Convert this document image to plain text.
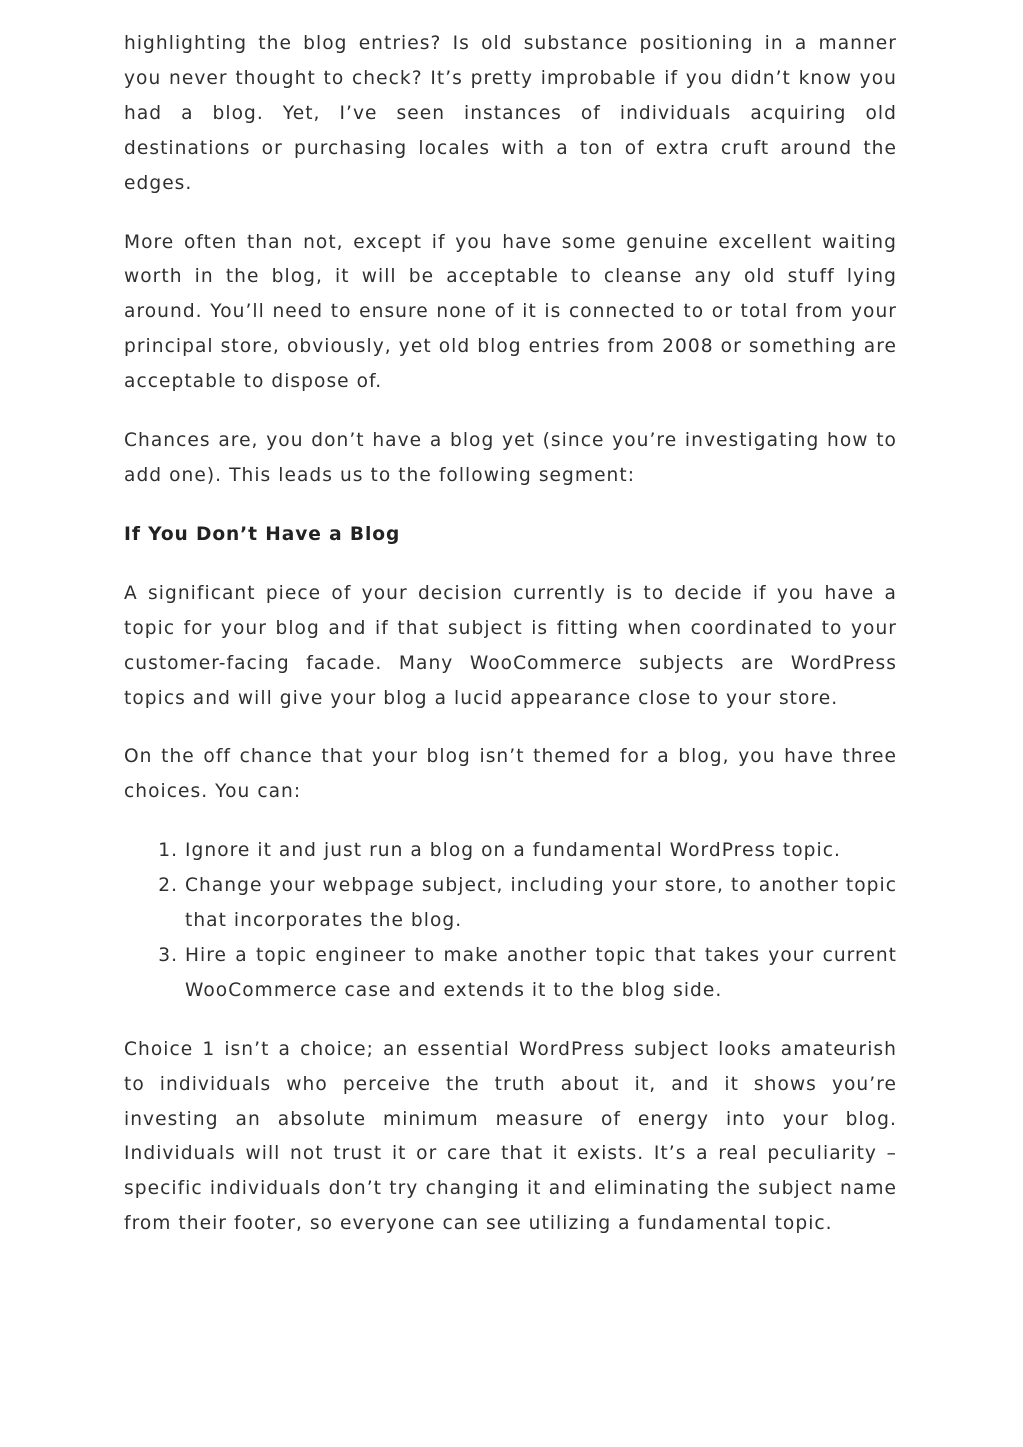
highlighting the blog entries? Is old substance positioning in a manner you never thought to check? It’s pretty improbable if you didn’t know you had a blog. Yet, I’ve seen instances of individuals acquiring old destinations or purchasing locales with a ton of extra cruft around the edges.

More often than not, except if you have some genuine excellent waiting worth in the blog, it will be acceptable to cleanse any old stuff lying around. You’ll need to ensure none of it is connected to or total from your principal store, obviously, yet old blog entries from 2008 or something are acceptable to dispose of.

Chances are, you don’t have a blog yet (since you’re investigating how to add one). This leads us to the following segment:

If You Don’t Have a Blog

A significant piece of your decision currently is to decide if you have a topic for your blog and if that subject is fitting when coordinated to your customer-facing facade. Many WooCommerce subjects are WordPress topics and will give your blog a lucid appearance close to your store.

On the off chance that your blog isn’t themed for a blog, you have three choices. You can:

1. Ignore it and just run a blog on a fundamental WordPress topic.
2. Change your webpage subject, including your store, to another topic that incorporates the blog.
3. Hire a topic engineer to make another topic that takes your current WooCommerce case and extends it to the blog side.

Choice 1 isn’t a choice; an essential WordPress subject looks amateurish to individuals who perceive the truth about it, and it shows you’re investing an absolute minimum measure of energy into your blog. Individuals will not trust it or care that it exists. It’s a real peculiarity – specific individuals don’t try changing it and eliminating the subject name from their footer, so everyone can see utilizing a fundamental topic.
